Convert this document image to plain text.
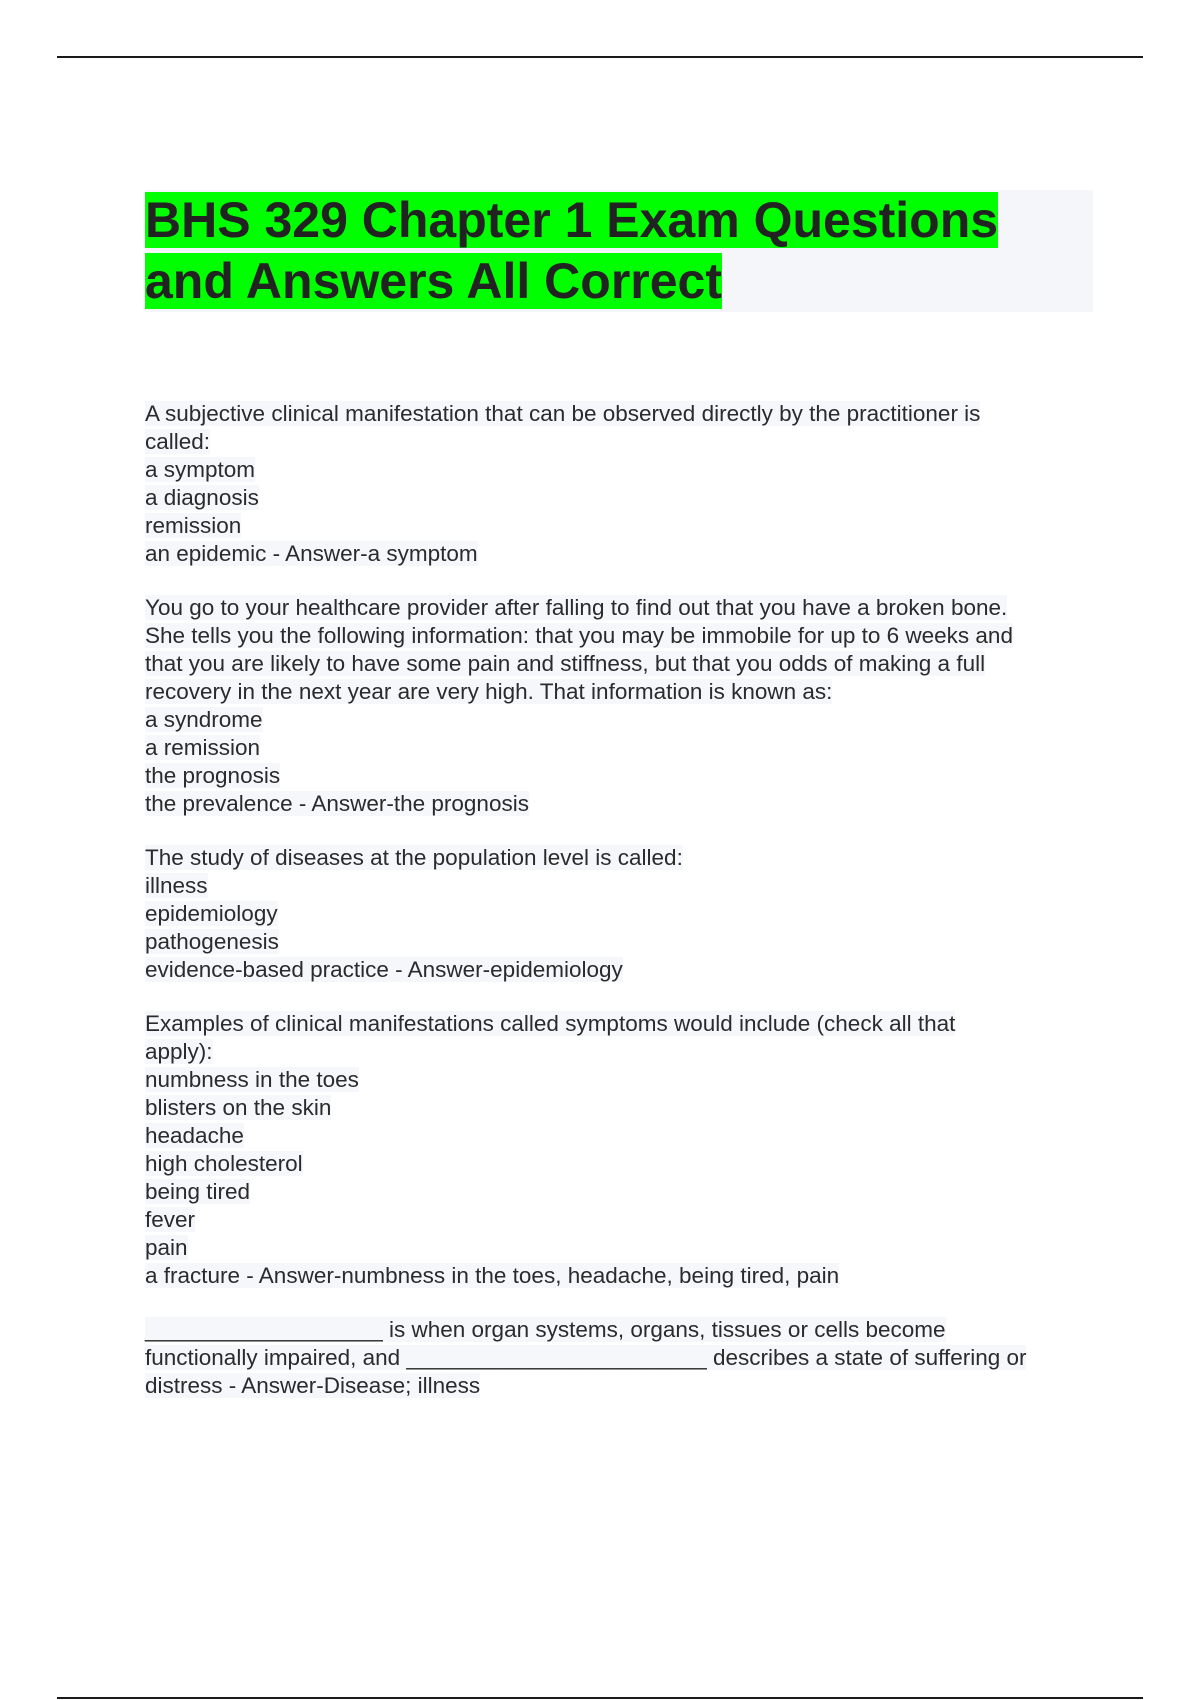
BHS 329 Chapter 1 Exam Questions
and Answers All Correct
A subjective clinical manifestation that can be observed directly by the practitioner is
called:
a symptom
a diagnosis
remission
an epidemic - Answer-a symptom
You go to your healthcare provider after falling to find out that you have a broken bone.
She tells you the following information: that you may be immobile for up to 6 weeks and
that you are likely to have some pain and stiffness, but that you odds of making a full
recovery in the next year are very high. That information is known as:
a syndrome
a remission
the prognosis
the prevalence - Answer-the prognosis
The study of diseases at the population level is called:
illness
epidemiology
pathogenesis
evidence-based practice - Answer-epidemiology
Examples of clinical manifestations called symptoms would include (check all that
apply):
numbness in the toes
blisters on the skin
headache
high cholesterol
being tired
fever
pain
a fracture - Answer-numbness in the toes, headache, being tired, pain
___________________ is when organ systems, organs, tissues or cells become
functionally impaired, and ________________________ describes a state of suffering or
distress - Answer-Disease; illness
